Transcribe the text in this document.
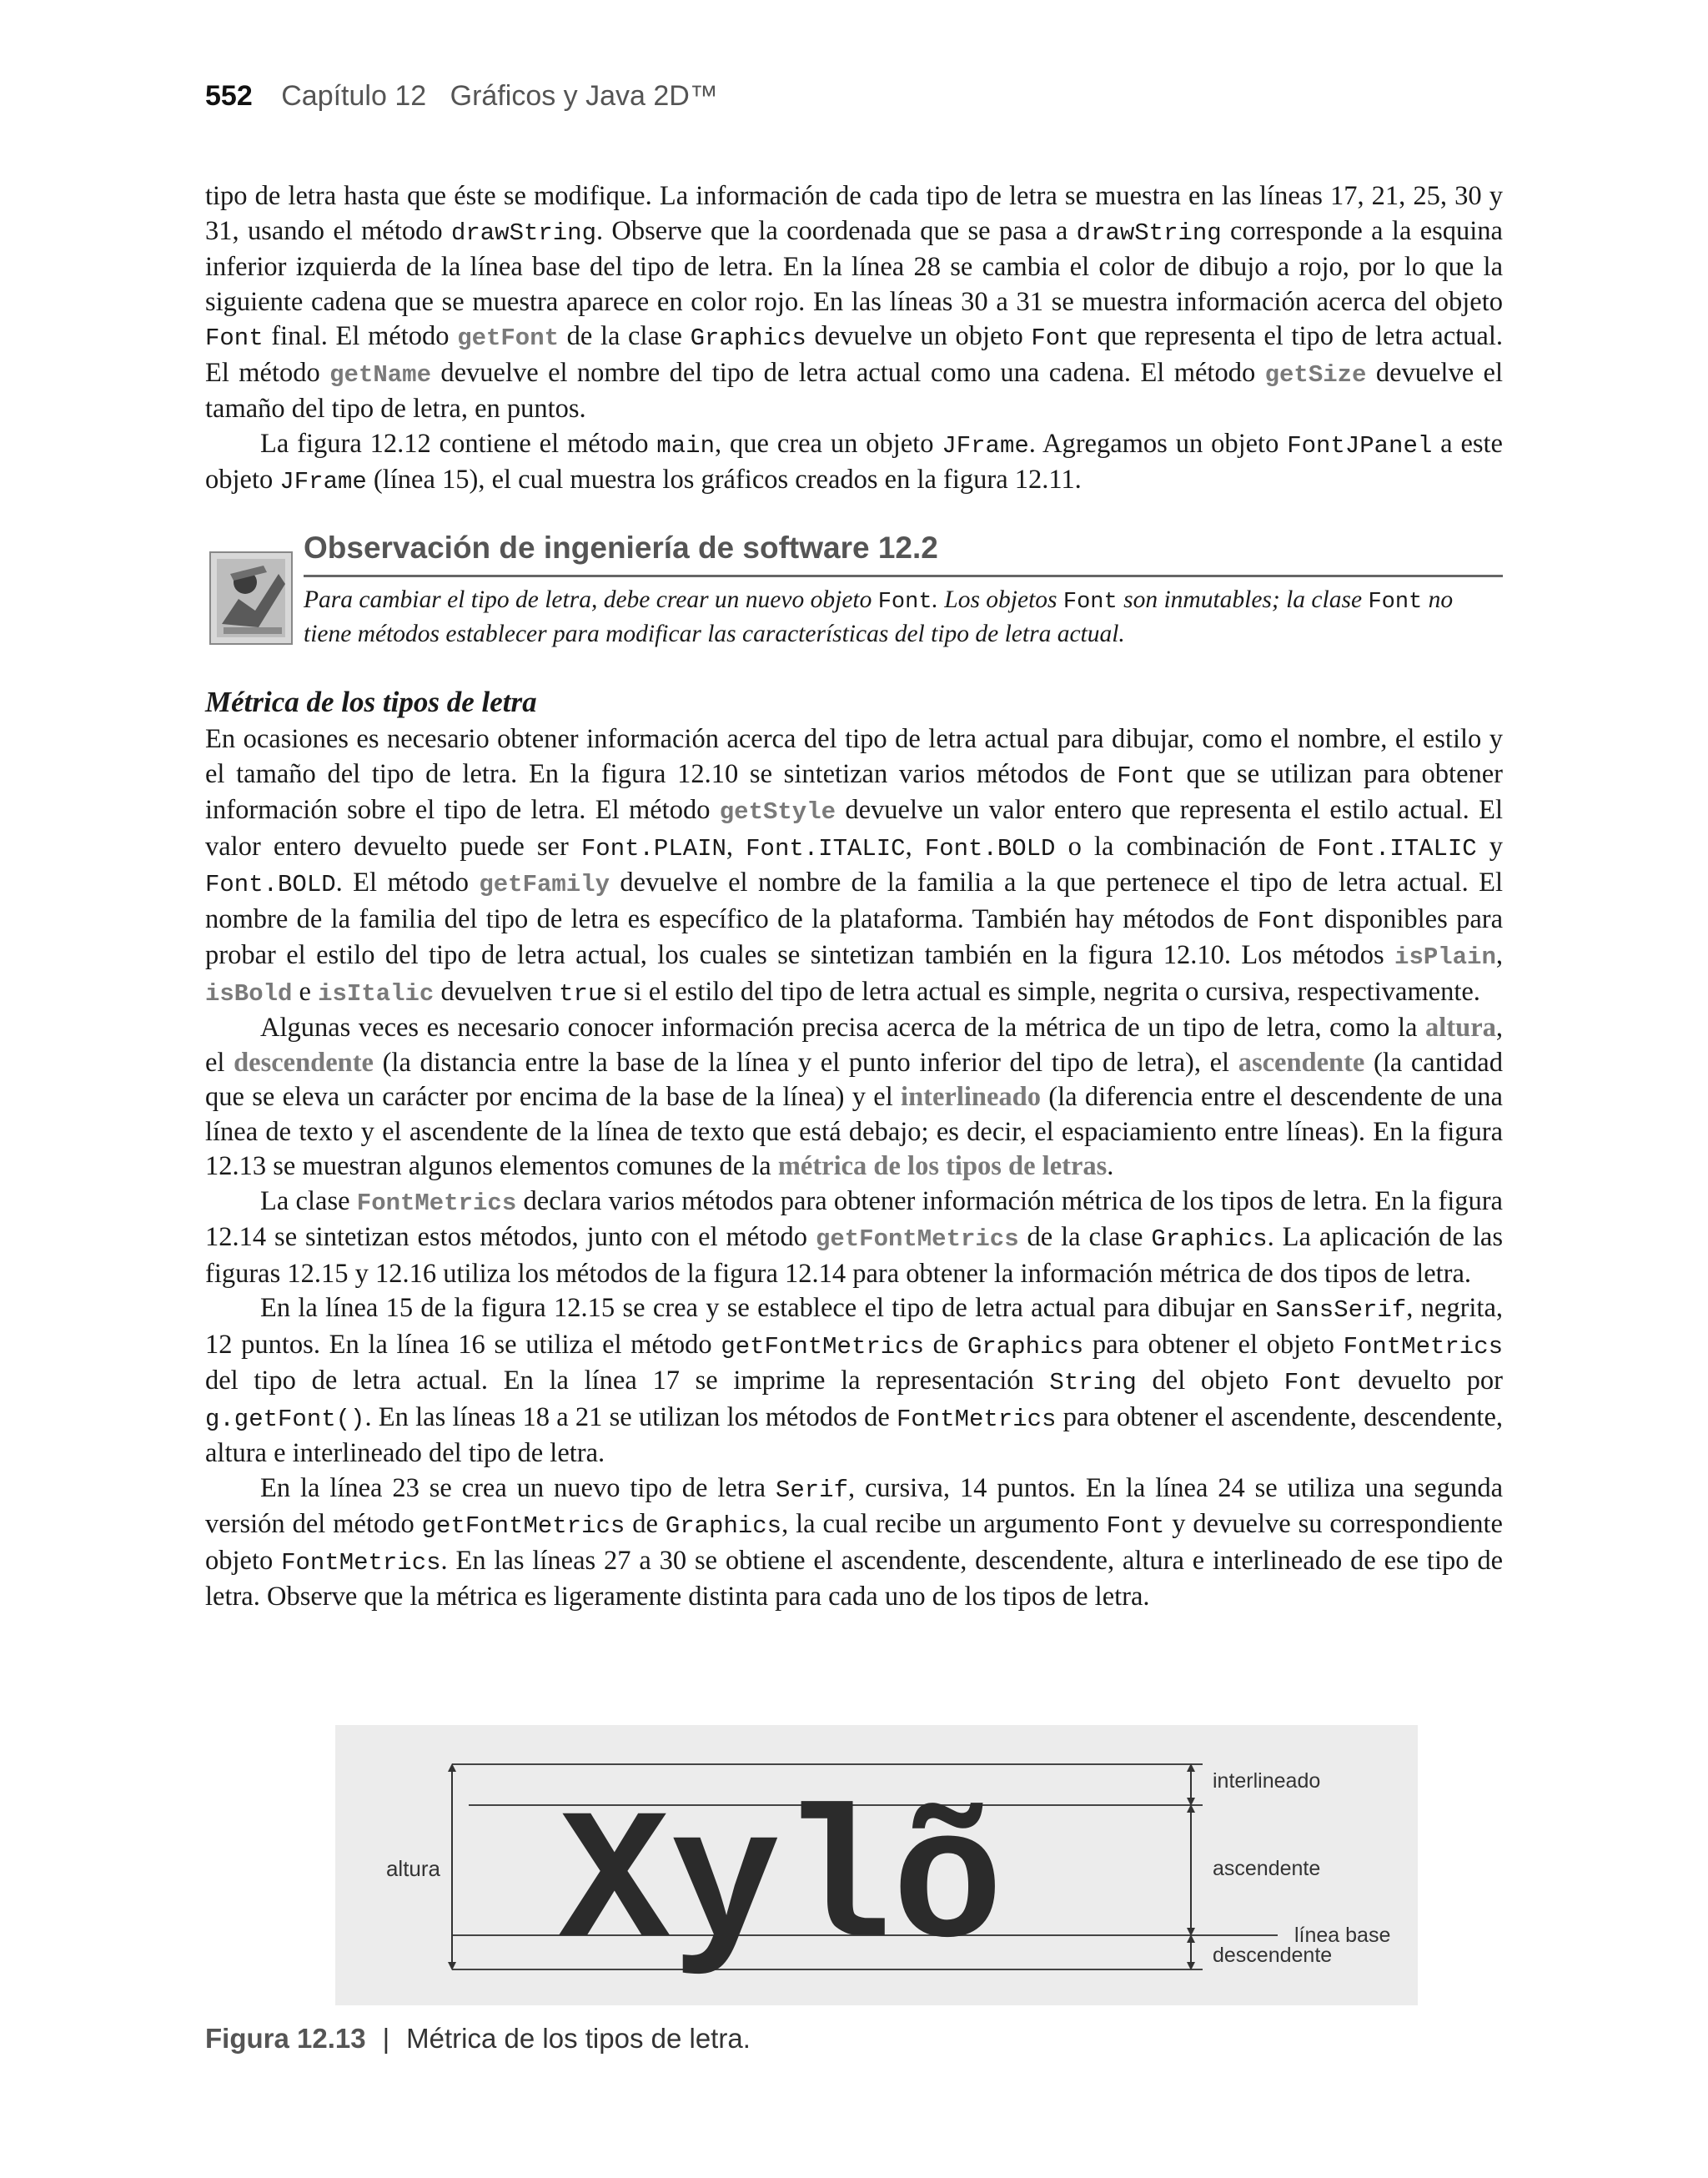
552 Capítulo 12 Gráficos y Java 2D™

tipo de letra hasta que éste se modifique. La información de cada tipo de letra se muestra en las líneas 17, 21, 25, 30 y 31, usando el método drawString. Observe que la coordenada que se pasa a drawString corresponde a la esquina inferior izquierda de la línea base del tipo de letra. En la línea 28 se cambia el color de dibujo a rojo, por lo que la siguiente cadena que se muestra aparece en color rojo. En las líneas 30 a 31 se muestra información acerca del objeto Font final. El método getFont de la clase Graphics devuelve un objeto Font que representa el tipo de letra actual. El método getName devuelve el nombre del tipo de letra actual como una cadena. El método getSize devuelve el tamaño del tipo de letra, en puntos.

La figura 12.12 contiene el método main, que crea un objeto JFrame. Agregamos un objeto FontJPanel a este objeto JFrame (línea 15), el cual muestra los gráficos creados en la figura 12.11.

Observación de ingeniería de software 12.2
Para cambiar el tipo de letra, debe crear un nuevo objeto Font. Los objetos Font son inmutables; la clase Font no tiene métodos establecer para modificar las características del tipo de letra actual.
Métrica de los tipos de letra

En ocasiones es necesario obtener información acerca del tipo de letra actual para dibujar, como el nombre, el estilo y el tamaño del tipo de letra. En la figura 12.10 se sintetizan varios métodos de Font que se utilizan para obtener información sobre el tipo de letra. El método getStyle devuelve un valor entero que representa el estilo actual. El valor entero devuelto puede ser Font.PLAIN, Font.ITALIC, Font.BOLD o la combinación de Font.ITALIC y Font.BOLD. El método getFamily devuelve el nombre de la familia a la que pertenece el tipo de letra actual. El nombre de la familia del tipo de letra es específico de la plataforma. También hay métodos de Font disponibles para probar el estilo del tipo de letra actual, los cuales se sintetizan también en la figura 12.10. Los métodos isPlain, isBold e isItalic devuelven true si el estilo del tipo de letra actual es simple, negrita o cursiva, respectivamente.

Algunas veces es necesario conocer información precisa acerca de la métrica de un tipo de letra, como la altura, el descendente (la distancia entre la base de la línea y el punto inferior del tipo de letra), el ascendente (la cantidad que se eleva un carácter por encima de la base de la línea) y el interlineado (la diferencia entre el descendente de una línea de texto y el ascendente de la línea de texto que está debajo; es decir, el espaciamiento entre líneas). En la figura 12.13 se muestran algunos elementos comunes de la métrica de los tipos de letras.

La clase FontMetrics declara varios métodos para obtener información métrica de los tipos de letra. En la figura 12.14 se sintetizan estos métodos, junto con el método getFontMetrics de la clase Graphics. La aplicación de las figuras 12.15 y 12.16 utiliza los métodos de la figura 12.14 para obtener la información métrica de dos tipos de letra.

En la línea 15 de la figura 12.15 se crea y se establece el tipo de letra actual para dibujar en SansSerif, negrita, 12 puntos. En la línea 16 se utiliza el método getFontMetrics de Graphics para obtener el objeto FontMetrics del tipo de letra actual. En la línea 17 se imprime la representación String del objeto Font devuelto por g.getFont(). En las líneas 18 a 21 se utilizan los métodos de FontMetrics para obtener el ascendente, descendente, altura e interlineado del tipo de letra.

En la línea 23 se crea un nuevo tipo de letra Serif, cursiva, 14 puntos. En la línea 24 se utiliza una segunda versión del método getFontMetrics de Graphics, la cual recibe un argumento Font y devuelve su correspondiente objeto FontMetrics. En las líneas 27 a 30 se obtiene el ascendente, descendente, altura e interlineado de ese tipo de letra. Observe que la métrica es ligeramente distinta para cada uno de los tipos de letra.

altura Xylõ	interlineado
ascendente
línea base
descendente
Figura 12.13 | Métrica de los tipos de letra.
